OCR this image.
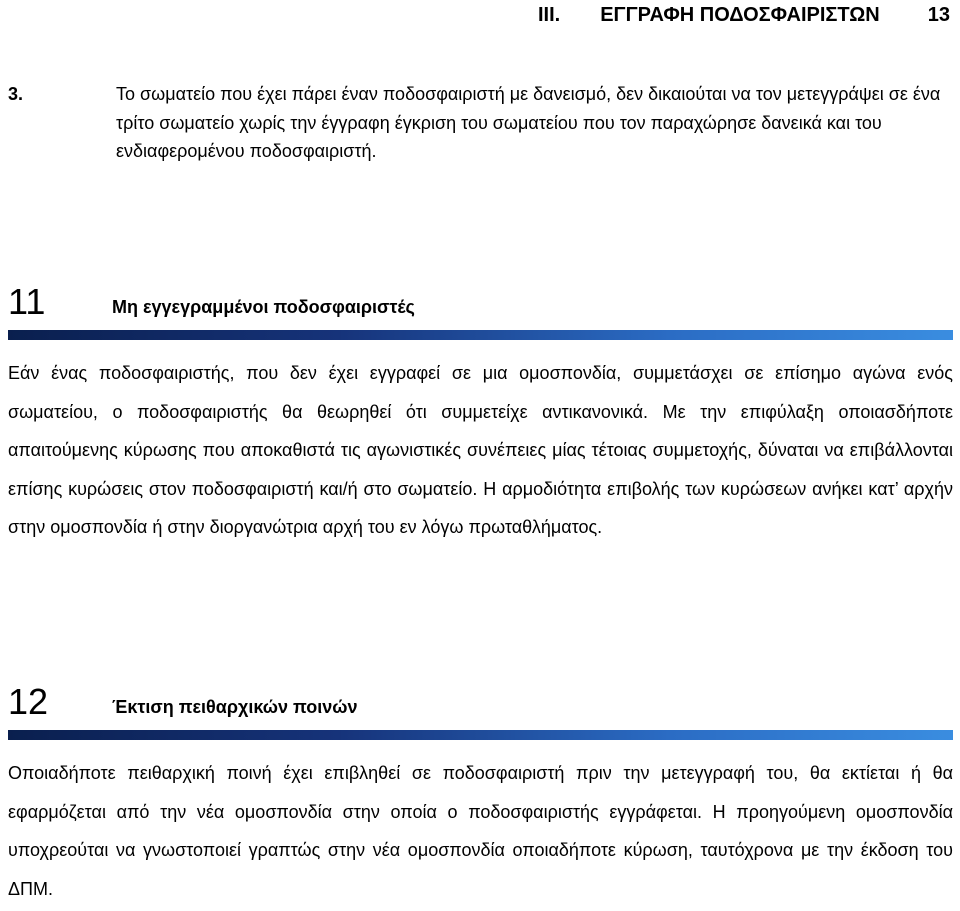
III. ΕΓΓΡΑΦΗ ΠΟΔΟΣΦΑΙΡΙΣΤΩΝ 13
3.	Το σωματείο που έχει πάρει έναν ποδοσφαιριστή με δανεισμό, δεν δικαιούται να τον μετεγγράψει σε ένα τρίτο σωματείο χωρίς την έγγραφη έγκριση του σωματείου που τον παραχώρησε δανεικά και του ενδιαφερομένου ποδοσφαιριστή.
11	Μη εγγεγραμμένοι ποδοσφαιριστές
Εάν ένας ποδοσφαιριστής, που δεν έχει εγγραφεί σε μια ομοσπονδία, συμμετάσχει σε επίσημο αγώνα ενός σωματείου, ο ποδοσφαιριστής θα θεωρηθεί ότι συμμετείχε αντικανονικά. Με την επιφύλαξη οποιασδήποτε απαιτούμενης κύρωσης που αποκαθιστά τις αγωνιστικές συνέπειες μίας τέτοιας συμμετοχής, δύναται να επιβάλλονται επίσης κυρώσεις στον ποδοσφαιριστή και/ή στο σωματείο. Η αρμοδιότητα επιβολής των κυρώσεων ανήκει κατ’ αρχήν στην ομοσπονδία ή στην διοργανώτρια αρχή του εν λόγω πρωταθλήματος.
12	Έκτιση πειθαρχικών ποινών
Οποιαδήποτε πειθαρχική ποινή έχει επιβληθεί σε ποδοσφαιριστή πριν την μετεγγραφή του, θα εκτίεται ή θα εφαρμόζεται από την νέα ομοσπονδία στην οποία ο ποδοσφαιριστής εγγράφεται. Η προηγούμενη ομοσπονδία υποχρεούται να γνωστοποιεί γραπτώς στην νέα ομοσπονδία οποιαδήποτε κύρωση, ταυτόχρονα με την έκδοση του ΔΠΜ.
